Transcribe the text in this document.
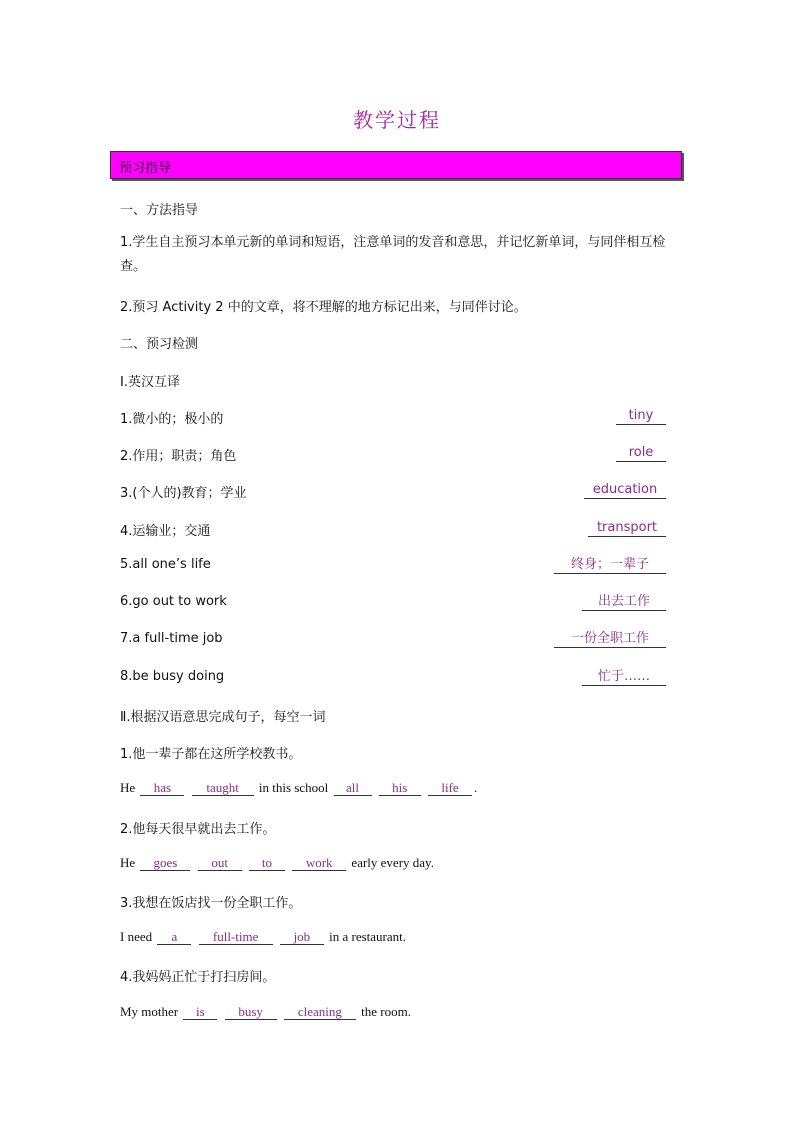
教学过程
预习指导
一、方法指导
1.学生自主预习本单元新的单词和短语，注意单词的发音和意思，并记忆新单词，与同伴相互检查。
2.预习 Activity 2 中的文章，将不理解的地方标记出来，与同伴讨论。
二、预习检测
Ⅰ.英汉互译
1.微小的；极小的	tiny
2.作用；职责；角色	role
3.(个人的)教育；学业	education
4.运输业；交通	transport
5.all one’s life	终身；一辈子
6.go out to work	出去工作
7.a full-time job	一份全职工作
8.be busy doing	忙于……
Ⅱ.根据汉语意思完成句子，每空一词
1.他一辈子都在这所学校教书。
He has	taught in this school all	his	life .
2.他每天很早就出去工作。
He goes	out	to	work early every day.
3.我想在饭店找一份全职工作。
I need a	full-time	job in a restaurant.
4.我妈妈正忙于打扫房间。
My mother is	busy	cleaning the room.
